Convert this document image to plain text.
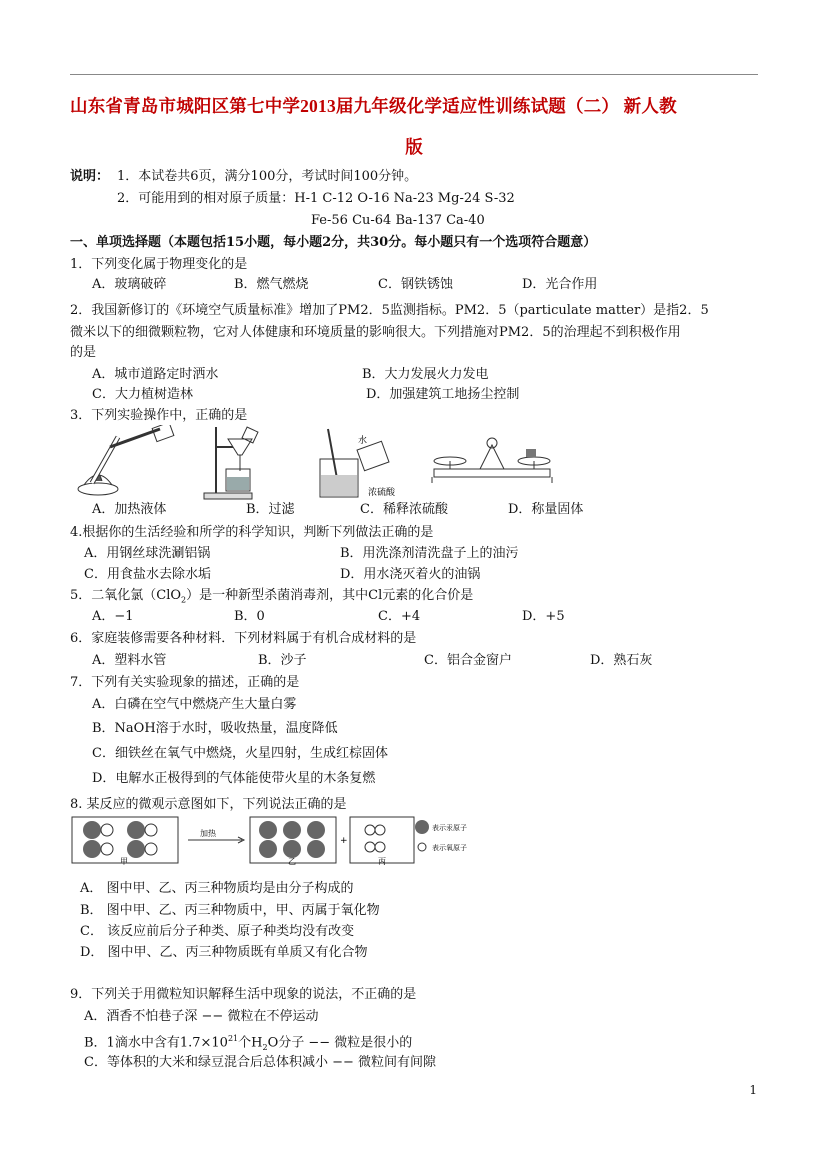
山东省青岛市城阳区第七中学2013届九年级化学适应性训练试题（二） 新人教
版
说明： 1．本试卷共6页，满分100分，考试时间100分钟。
2．可能用到的相对原子质量：H-1 C-12 O-16 Na-23 Mg-24 S-32
Fe-56 Cu-64 Ba-137 Ca-40
一、单项选择题（本题包括15小题，每小题2分，共30分。每小题只有一个选项符合题意）
1．下列变化属于物理变化的是
A．玻璃破碎	B．燃气燃烧	C．钢铁锈蚀	D．光合作用
2．我国新修订的《环境空气质量标准》增加了PM2．5监测指标。PM2．5（particulate matter）是指2．5
微米以下的细微颗粒物，它对人体健康和环境质量的影响很大。下列措施对PM2．5的治理起不到积极作用
的是
A．城市道路定时洒水	B．大力发展火力发电
C．大力植树造林	D．加强建筑工地扬尘控制
3．下列实验操作中，正确的是
水
浓硫酸
A．加热液体	B．过滤	C．稀释浓硫酸	D．称量固体
4.根据你的生活经验和所学的科学知识，判断下列做法正确的是
A．用钢丝球洗涮铝锅	B．用洗涤剂清洗盘子上的油污
C．用食盐水去除水垢	D．用水浇灭着火的油锅
5．二氧化氯（ClO$_2$）是一种新型杀菌消毒剂，其中Cl元素的化合价是
A．−1	B．0	C．+4	D．+5
6．家庭装修需要各种材料．下列材料属于有机合成材料的是
A．塑料水管	B．沙子	C．铝合金窗户	D．熟石灰
7．下列有关实验现象的描述，正确的是
A．白磷在空气中燃烧产生大量白雾
B．NaOH溶于水时，吸收热量，温度降低
C．细铁丝在氧气中燃烧，火星四射，生成红棕固体
D．电解水正极得到的气体能使带火星的木条复燃
8. 某反应的微观示意图如下，下列说法正确的是
甲
加热
乙
+
丙
表示汞原子
表示氧原子
A． 图中甲、乙、丙三种物质均是由分子构成的
B． 图中甲、乙、丙三种物质中，甲、丙属于氧化物
C． 该反应前后分子种类、原子种类均没有改变
D． 图中甲、乙、丙三种物质既有单质又有化合物
9．下列关于用微粒知识解释生活中现象的说法，不正确的是
A．酒香不怕巷子深 −− 微粒在不停运动
B．1滴水中含有$1.7\times 10^{21}$个$H_2O$分子 −− 微粒是很小的
C．等体积的大米和绿豆混合后总体积减小 −− 微粒间有间隙
1
